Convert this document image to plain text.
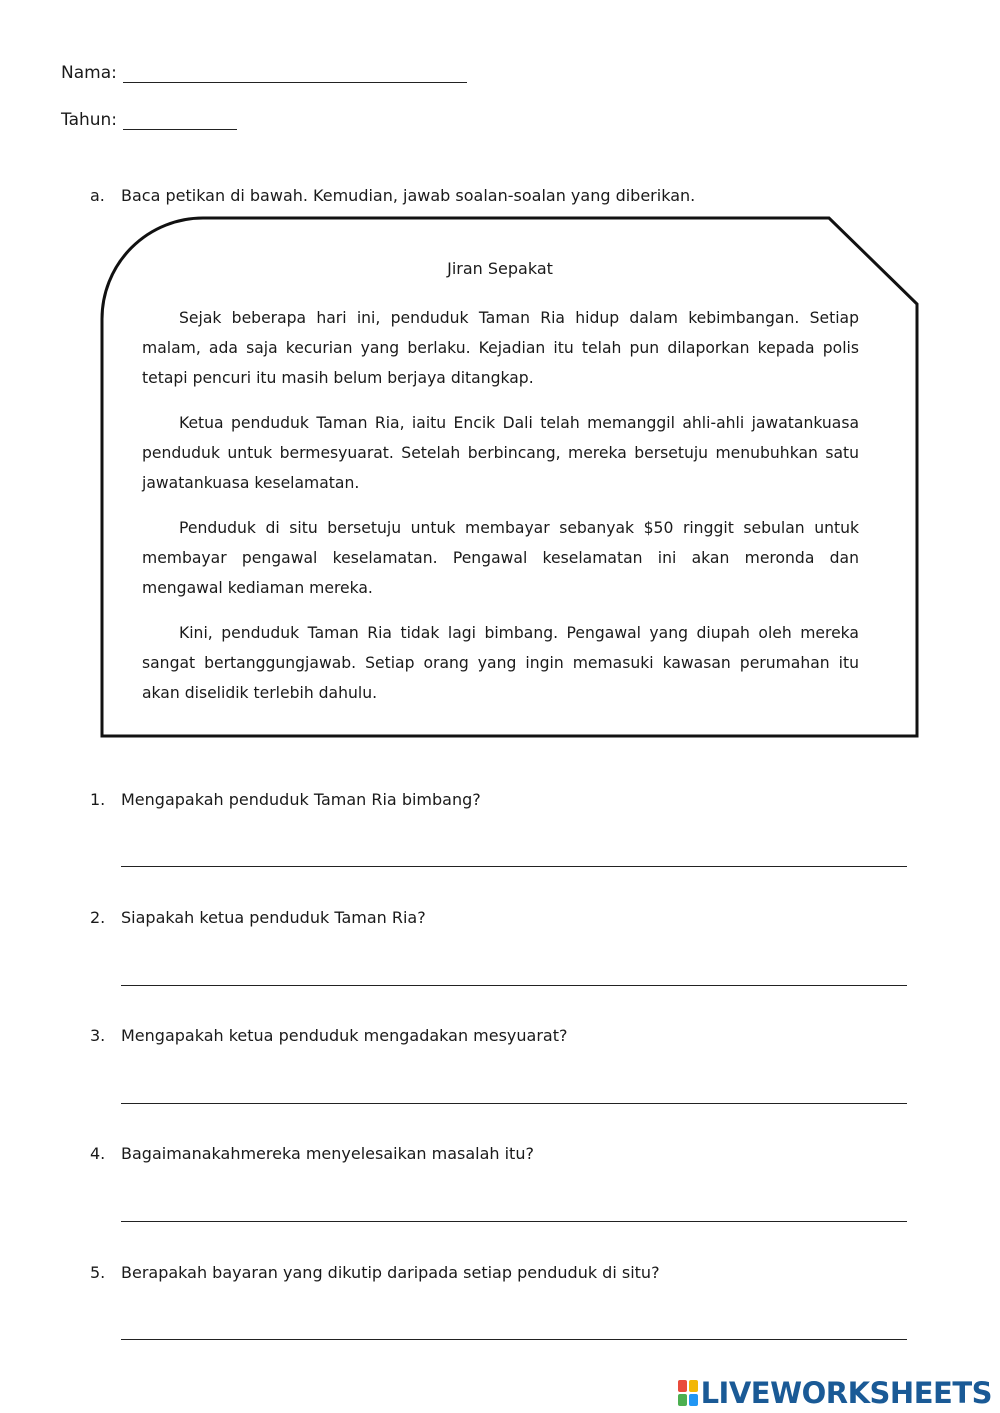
Nama:
Tahun:
a. Baca petikan di bawah. Kemudian, jawab soalan-soalan yang diberikan.
Jiran Sepakat

Sejak beberapa hari ini, penduduk Taman Ria hidup dalam kebimbangan. Setiap malam, ada saja kecurian yang berlaku. Kejadian itu telah pun dilaporkan kepada polis tetapi pencuri itu masih belum berjaya ditangkap.

Ketua penduduk Taman Ria, iaitu Encik Dali telah memanggil ahli-ahli jawatankuasa penduduk untuk bermesyuarat. Setelah berbincang, mereka bersetuju menubuhkan satu jawatankuasa keselamatan.

Penduduk di situ bersetuju untuk membayar sebanyak $50 ringgit sebulan untuk membayar pengawal keselamatan. Pengawal keselamatan ini akan meronda dan mengawal kediaman mereka.

Kini, penduduk Taman Ria tidak lagi bimbang. Pengawal yang diupah oleh mereka sangat bertanggungjawab. Setiap orang yang ingin memasuki kawasan perumahan itu akan diselidik terlebih dahulu.

1. Mengapakah penduduk Taman Ria bimbang?
2. Siapakah ketua penduduk Taman Ria?
3. Mengapakah ketua penduduk mengadakan mesyuarat?
4. Bagaimanakahmereka menyelesaikan masalah itu?
5. Berapakah bayaran yang dikutip daripada setiap penduduk di situ?
LIVEWORKSHEETS
